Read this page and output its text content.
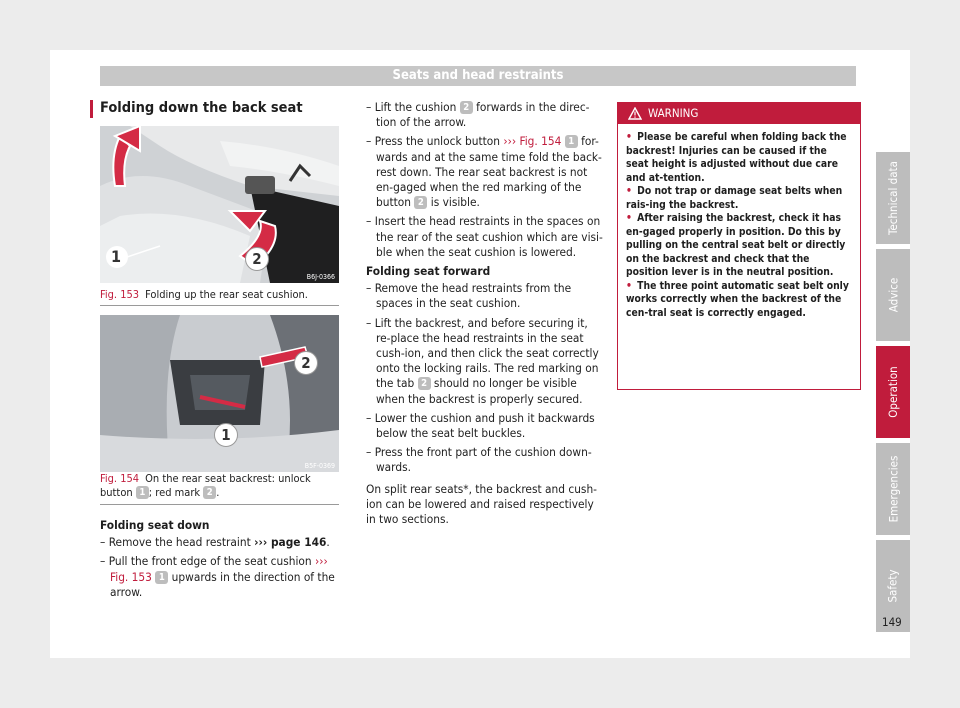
Seats and head restraints
Folding down the back seat
1
B6J-0366
2
Fig. 153 Folding up the rear seat cushion.
B5F-0369
2
1
Fig. 154 On the rear seat backrest: unlock button 1 ; red mark 2 .

Folding seat down

– Remove the head restraint ››› page 146.

– Pull the front edge of the seat cushion ››› Fig. 153 1 upwards in the direction of the arrow.

– Lift the cushion 2 forwards in the direc-tion of the arrow.

– Press the unlock button ››› Fig. 154 1 for-wards and at the same time fold the back-rest down. The rear seat backrest is not en-gaged when the red marking of the button 2 is visible.

– Insert the head restraints in the spaces on the rear of the seat cushion which are visi-ble when the seat cushion is lowered.

Folding seat forward

– Remove the head restraints from the spaces in the seat cushion.

– Lift the backrest, and before securing it, re-place the head restraints in the seat cush-ion, and then click the seat correctly onto the locking rails. The red marking on the tab 2 should no longer be visible when the backrest is properly secured.

– Lower the cushion and push it backwards below the seat belt buckles.

– Press the front part of the cushion down-wards.

On split rear seats*, the backrest and cush-ion can be lowered and raised respectively in two sections.

WARNING

• Please be careful when folding back the backrest! Injuries can be caused if the seat height is adjusted without due care and at-tention.

• Do not trap or damage seat belts when rais-ing the backrest.

• After raising the backrest, check it has en-gaged properly in position. Do this by pulling on the central seat belt or directly on the backrest and check that the position lever is in the neutral position.

• The three point automatic seat belt only works correctly when the backrest of the cen-tral seat is correctly engaged.

Technical data
Advice
Operation
Emergencies
Safety
149
